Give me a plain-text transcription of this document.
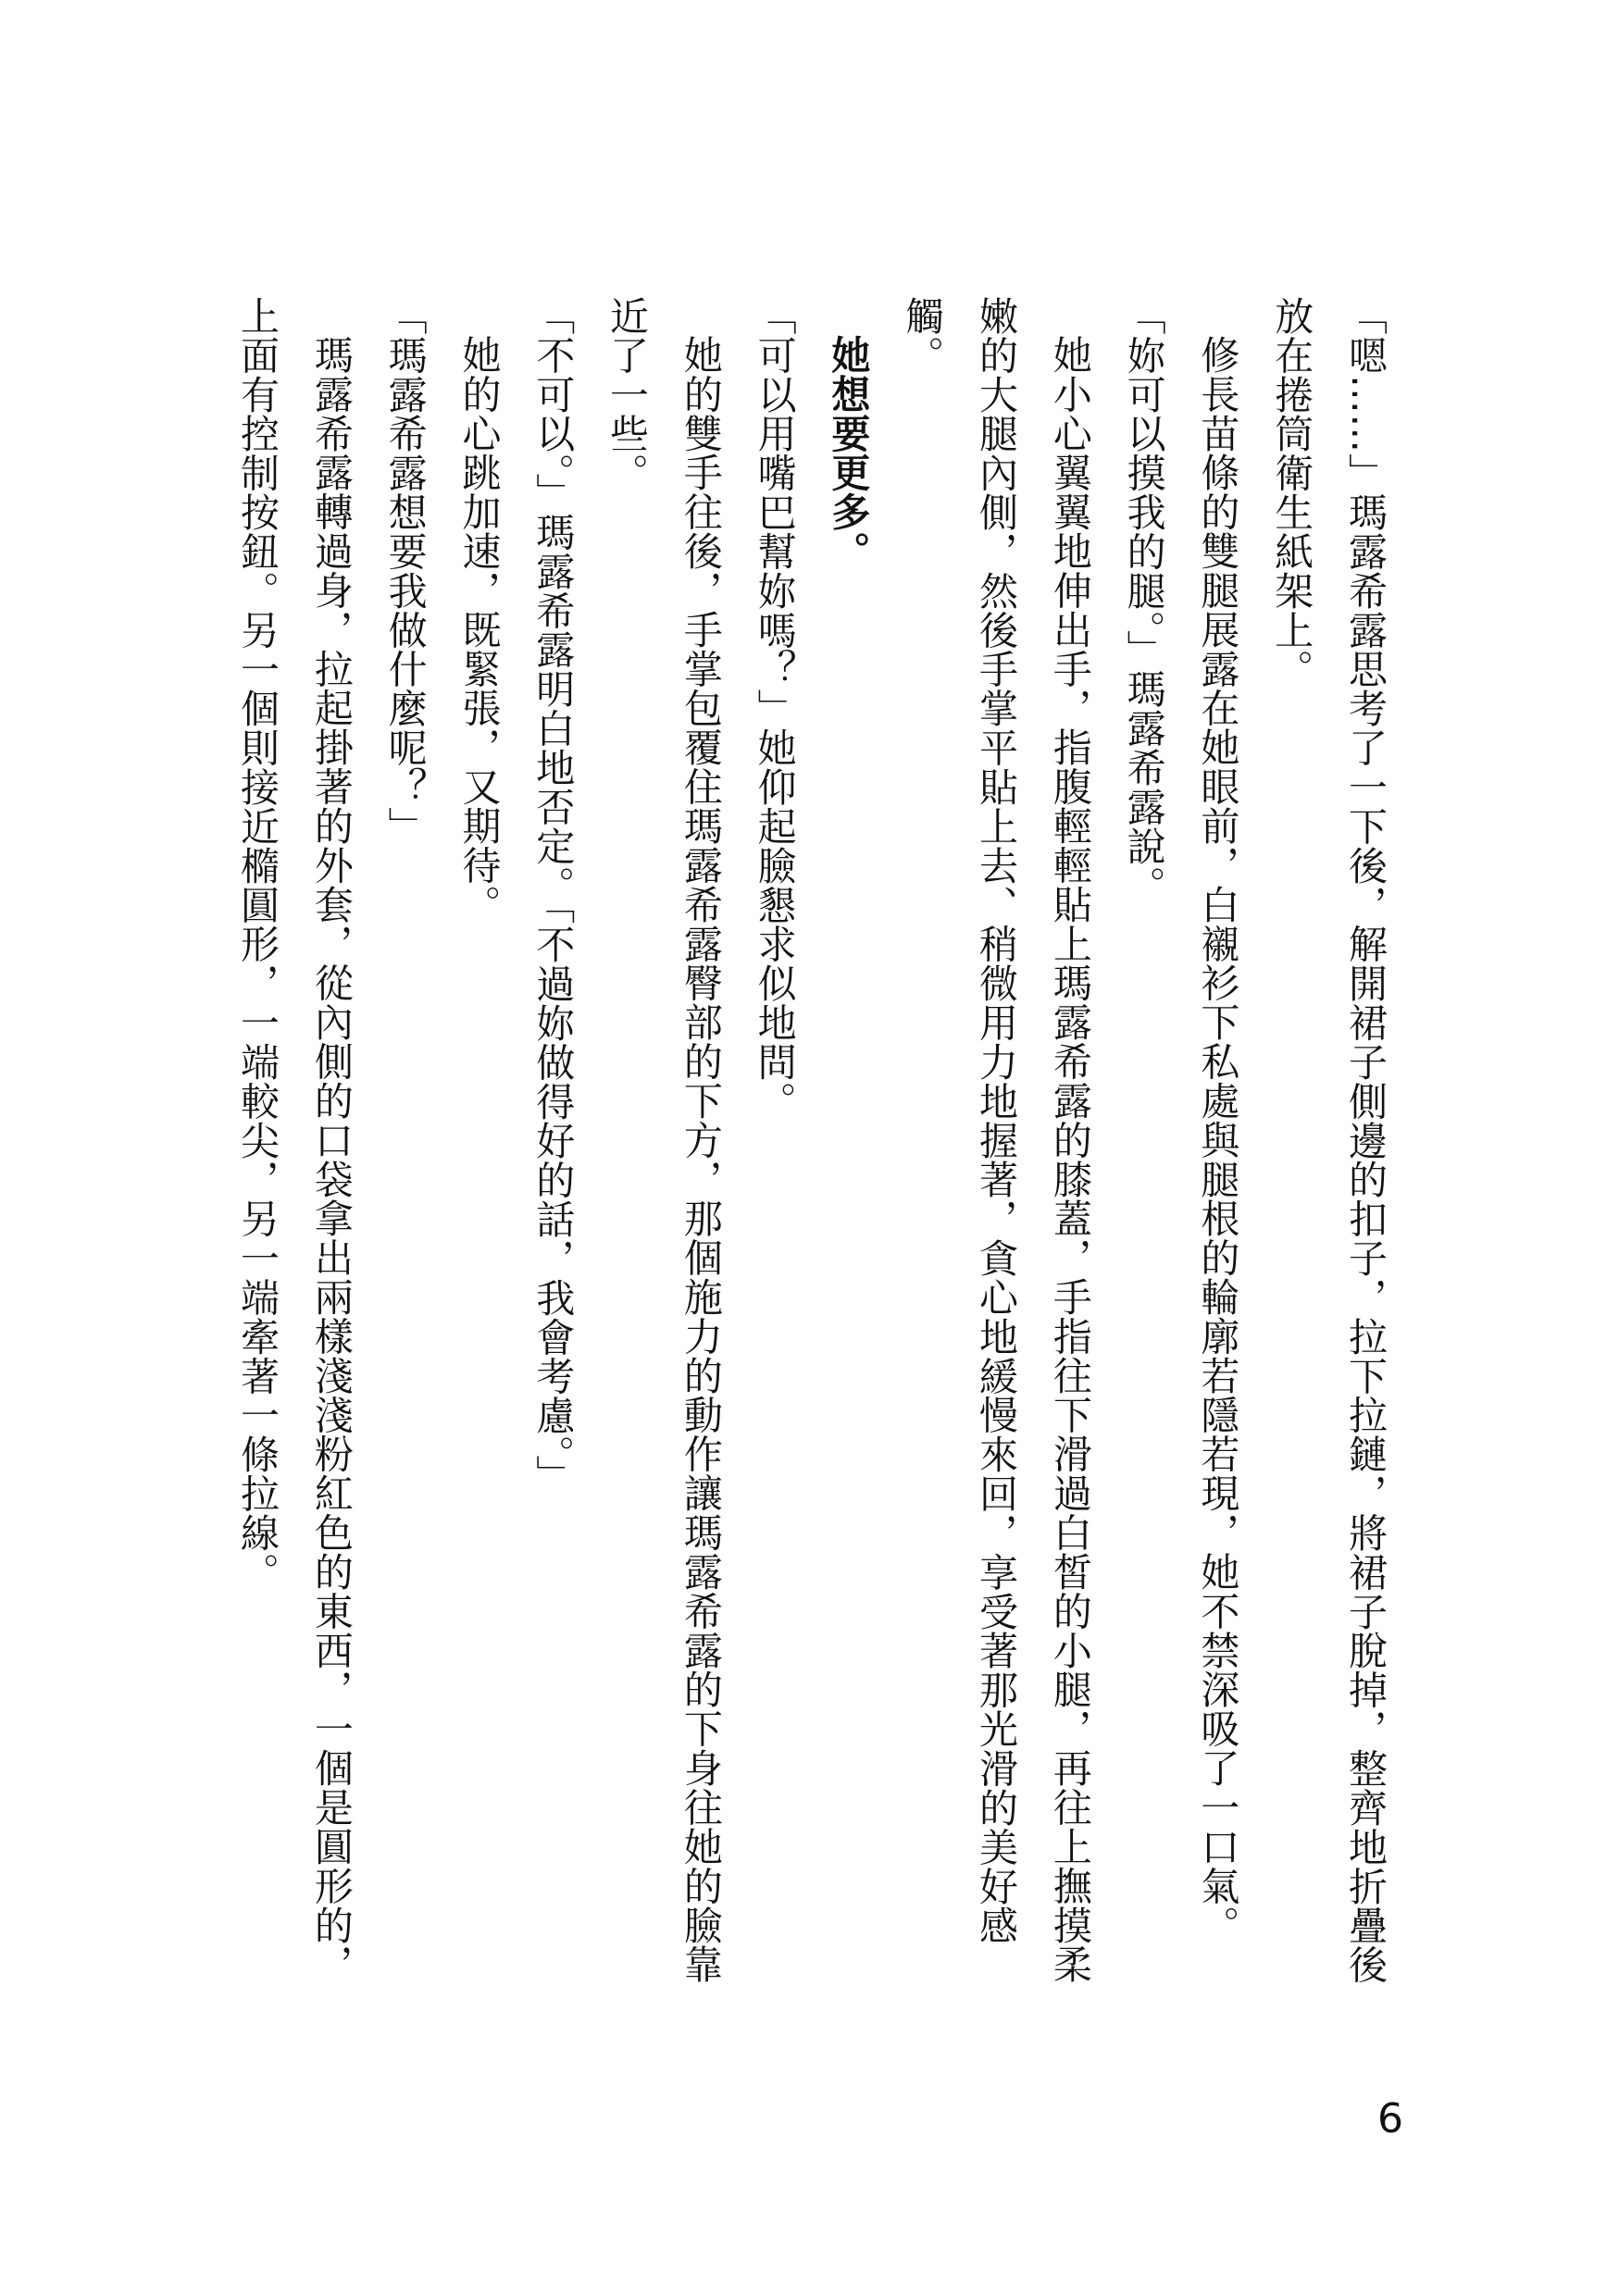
「嗯……」瑪露希露思考了一下後，解開裙子側邊的扣子，拉下拉鏈，將裙子脫掉，整齊地折疊後放在捲筒衛生紙架上。

修長苗條的雙腿展露在她眼前，白襯衫下私處與腿根的輪廓若隱若現，她不禁深吸了一口氣。

「妳可以摸我的腿。」瑪露希露說。

她小心翼翼地伸出手，指腹輕輕貼上瑪露希露的膝蓋，手指往下滑過白皙的小腿，再往上撫摸柔嫩的大腿內側，然後手掌平貼上去、稍微用力地握著，貪心地緩慢來回，享受著那光滑的美好感觸。

她想要更多。

「可以用嘴巴幫妳嗎？」她仰起臉懇求似地問。

她的雙手往後，手掌包覆住瑪露希露臀部的下方，那個施力的動作讓瑪露希露的下身往她的臉靠近了一些。

「不可以。」瑪露希露明白地否定。「不過妳做得好的話，我會考慮。」

她的心跳加速，既緊張，又期待。

「瑪露希露想要我做什麼呢？」

瑪露希露轉過身，拉起掛著的外套，從內側的口袋拿出兩樣淺淺粉紅色的東西，一個是圓形的，上面有控制按鈕。另一個則接近橢圓形，一端較尖，另一端牽著一條拉線。

6
